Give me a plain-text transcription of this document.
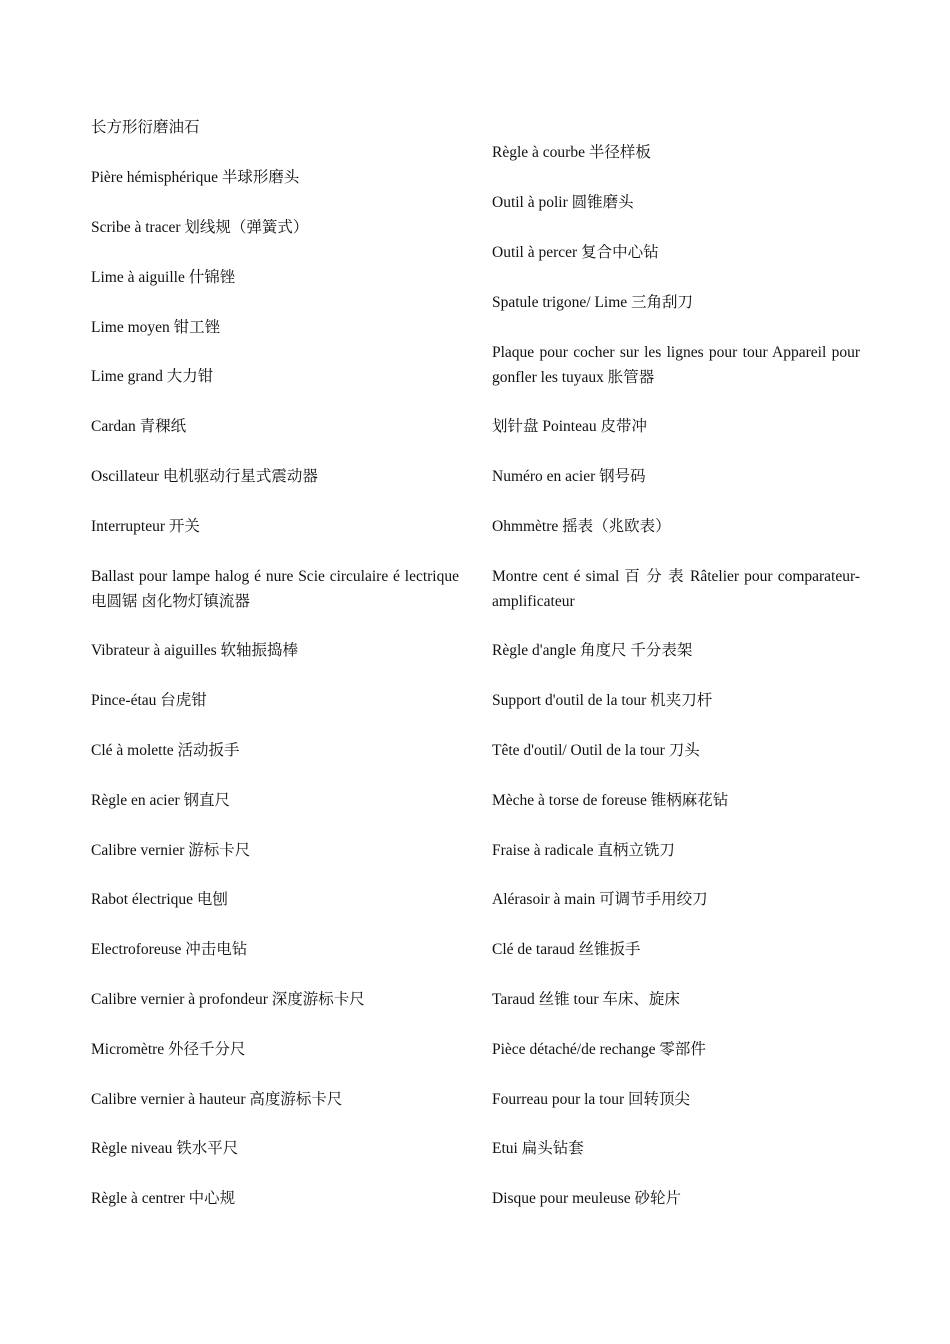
长方形衍磨油石
Pière hémisphérique 半球形磨头
Scribe à tracer 划线规（弹簧式）
Lime à aiguille 什锦锉
Lime moyen 钳工锉
Lime grand 大力钳
Cardan 青稞纸
Oscillateur 电机驱动行星式震动器
Interrupteur 开关
Ballast pour lampe halog é nure Scie circulaire é lectrique 电圆锯 卤化物灯镇流器
Vibrateur à aiguilles 软轴振捣棒
Pince-étau 台虎钳
Clé à molette 活动扳手
Règle en acier 钢直尺
Calibre vernier 游标卡尺
Rabot électrique 电刨
Electroforeuse 冲击电钻
Calibre vernier à profondeur 深度游标卡尺
Micromètre 外径千分尺
Calibre vernier à hauteur 高度游标卡尺
Règle niveau 铁水平尺
Règle à centrer 中心规
Règle à courbe 半径样板
Outil à polir 圆锥磨头
Outil à percer 复合中心钻
Spatule trigone/ Lime 三角刮刀
Plaque pour cocher sur les lignes pour tour Appareil pour gonfler les tuyaux 胀管器
划针盘 Pointeau 皮带冲
Numéro en acier 钢号码
Ohmmètre 摇表（兆欧表）
Montre cent é simal 百 分 表 Râtelier pour comparateur-amplificateur
Règle d'angle 角度尺 千分表架
Support d'outil de la tour 机夹刀杆
Tête d'outil/ Outil de la tour 刀头
Mèche à torse de foreuse 锥柄麻花钻
Fraise à radicale 直柄立铣刀
Alérasoir à main 可调节手用绞刀
Clé de taraud 丝锥扳手
Taraud 丝锥 tour 车床、旋床
Pièce détaché/de rechange 零部件
Fourreau pour la tour 回转顶尖
Etui 扁头钻套
Disque pour meuleuse 砂轮片
